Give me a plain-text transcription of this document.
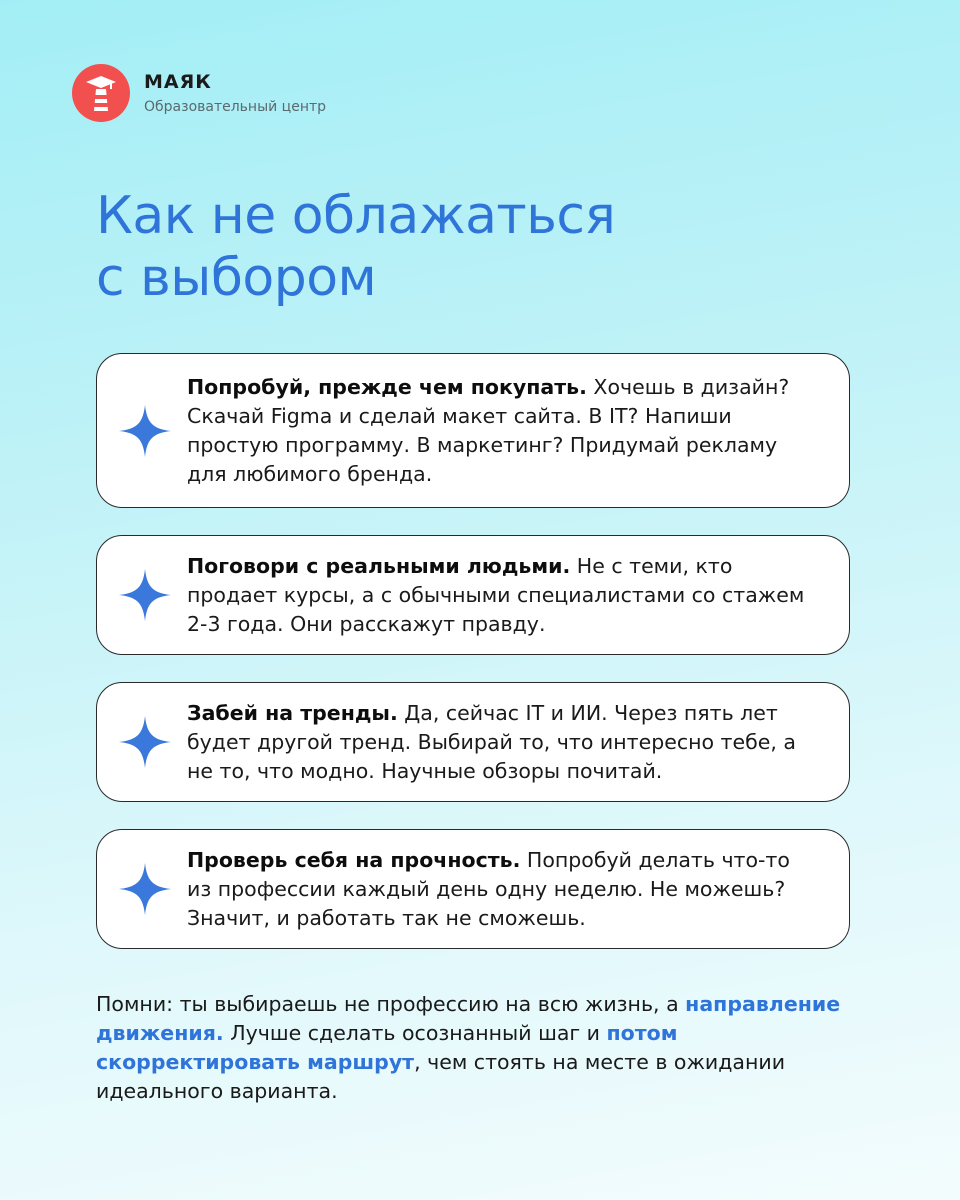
МАЯК
Образовательный центр
Как не облажаться
с выбором
Попробуй, прежде чем покупать. Хочешь в дизайн? Скачай Figma и сделай макет сайта. В IT? Напиши простую программу. В маркетинг? Придумай рекламу для любимого бренда.
Поговори с реальными людьми. Не с теми, кто продает курсы, а с обычными специалистами со стажем 2-3 года. Они расскажут правду.
Забей на тренды. Да, сейчас IT и ИИ. Через пять лет будет другой тренд. Выбирай то, что интересно тебе, а не то, что модно. Научные обзоры почитай.
Проверь себя на прочность. Попробуй делать что-то из профессии каждый день одну неделю. Не можешь? Значит, и работать так не сможешь.

Помни: ты выбираешь не профессию на всю жизнь, а направление движения. Лучше сделать осознанный шаг и потом скорректировать маршрут, чем стоять на месте в ожидании идеального варианта.
